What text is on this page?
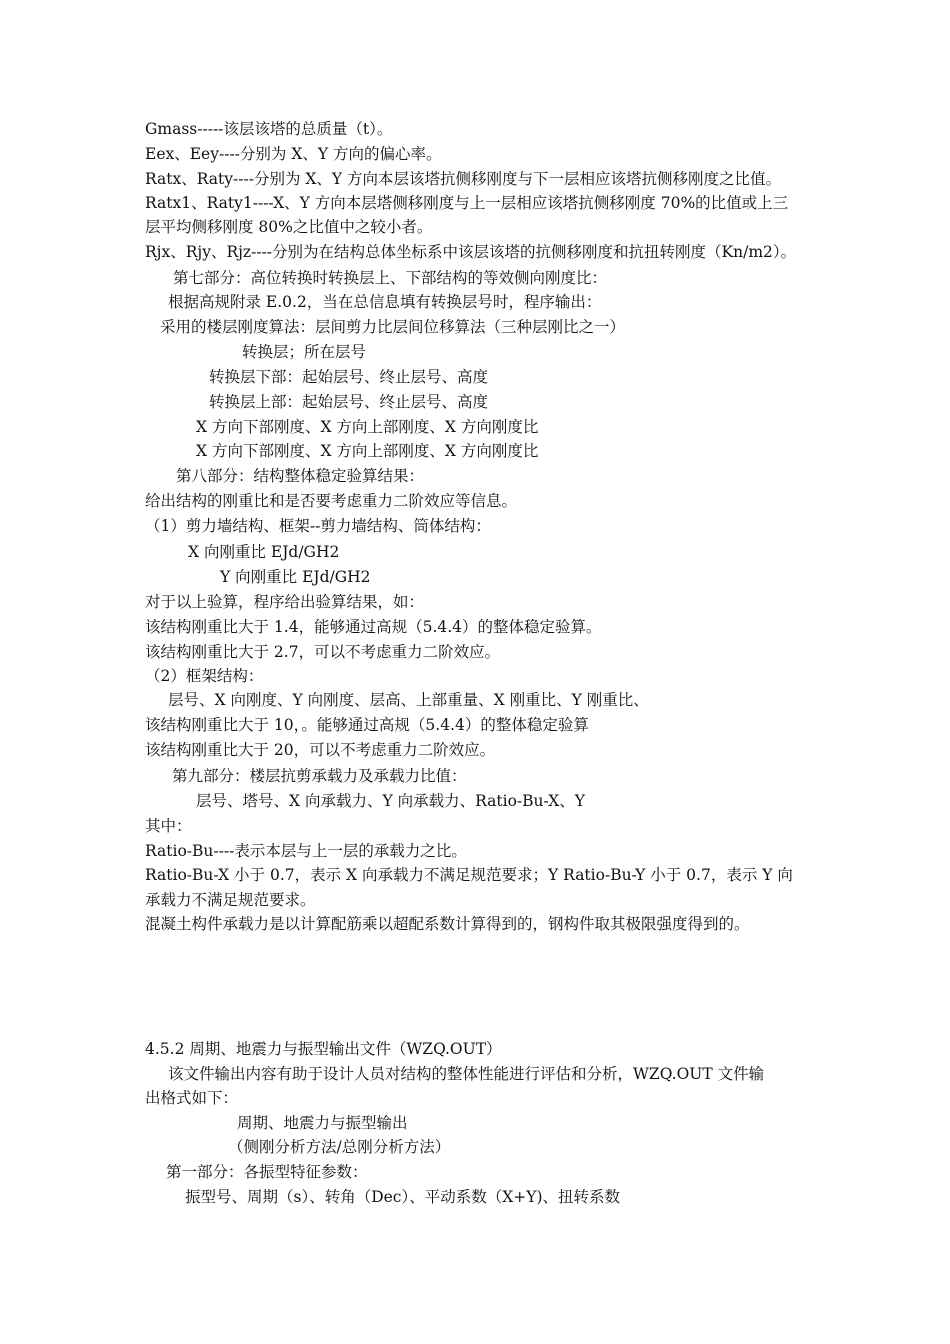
Gmass-----该层该塔的总质量（t）。
Eex、Eey----分别为 X、Y 方向的偏心率。
Ratx、Raty----分别为 X、Y 方向本层该塔抗侧移刚度与下一层相应该塔抗侧移刚度之比值。
Ratx1、Raty1----X、Y 方向本层塔侧移刚度与上一层相应该塔抗侧移刚度 70%的比值或上三
层平均侧移刚度 80%之比值中之较小者。
Rjx、Rjy、Rjz----分别为在结构总体坐标系中该层该塔的抗侧移刚度和抗扭转刚度（Kn/m2）。
第七部分：高位转换时转换层上、下部结构的等效侧向刚度比：
根据高规附录 E.0.2，当在总信息填有转换层号时，程序输出：
采用的楼层刚度算法：层间剪力比层间位移算法（三种层刚比之一）
转换层；所在层号
转换层下部：起始层号、终止层号、高度
转换层上部：起始层号、终止层号、高度
X 方向下部刚度、X 方向上部刚度、X 方向刚度比
X 方向下部刚度、X 方向上部刚度、X 方向刚度比
第八部分：结构整体稳定验算结果：
给出结构的刚重比和是否要考虑重力二阶效应等信息。
（1）剪力墙结构、框架--剪力墙结构、筒体结构：
X 向刚重比 EJd/GH2
Y 向刚重比 EJd/GH2
对于以上验算，程序给出验算结果，如：
该结构刚重比大于 1.4，能够通过高规（5.4.4）的整体稳定验算。
该结构刚重比大于 2.7，可以不考虑重力二阶效应。
（2）框架结构：
层号、X 向刚度、Y 向刚度、层高、上部重量、X 刚重比、Y 刚重比、
该结构刚重比大于 10，。能够通过高规（5.4.4）的整体稳定验算
该结构刚重比大于 20，可以不考虑重力二阶效应。
第九部分：楼层抗剪承载力及承载力比值：
层号、塔号、X 向承载力、Y 向承载力、Ratio-Bu-X、Y
其中：
Ratio-Bu----表示本层与上一层的承载力之比。
Ratio-Bu-X 小于 0.7，表示 X 向承载力不满足规范要求；Y Ratio-Bu-Y 小于 0.7，表示 Y 向
承载力不满足规范要求。
混凝土构件承载力是以计算配筋乘以超配系数计算得到的，钢构件取其极限强度得到的。
4.5.2 周期、地震力与振型输出文件（WZQ.OUT）
该文件输出内容有助于设计人员对结构的整体性能进行评估和分析，WZQ.OUT 文件输
出格式如下：
周期、地震力与振型输出
（侧刚分析方法/总刚分析方法）
第一部分：各振型特征参数：
振型号、周期（s）、转角（Dec）、平动系数（X+Y)、扭转系数
